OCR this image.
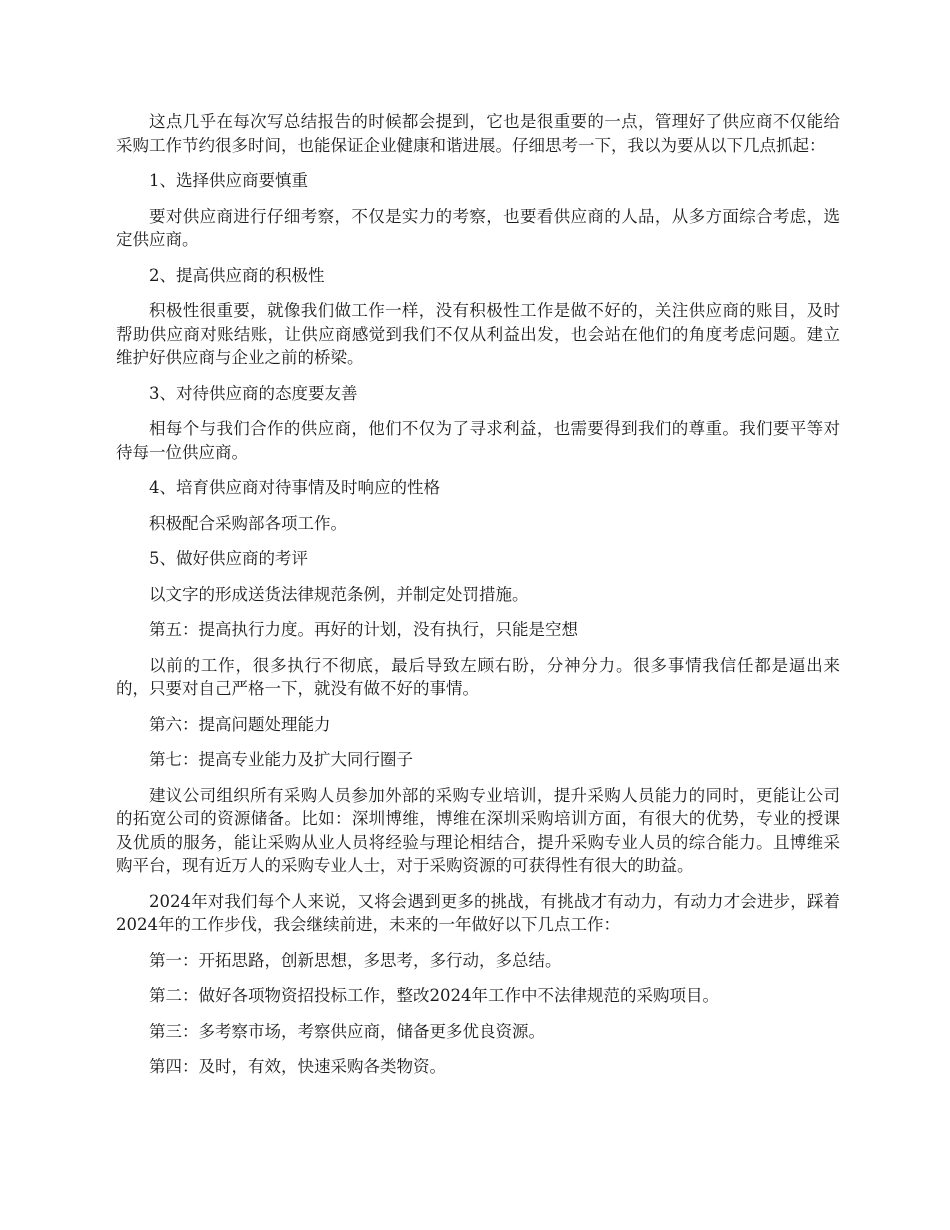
这点几乎在每次写总结报告的时候都会提到，它也是很重要的一点，管理好了供应商不仅能给采购工作节约很多时间，也能保证企业健康和谐进展。仔细思考一下，我以为要从以下几点抓起：

1、选择供应商要慎重

要对供应商进行仔细考察，不仅是实力的考察，也要看供应商的人品，从多方面综合考虑，选定供应商。

2、提高供应商的积极性

积极性很重要，就像我们做工作一样，没有积极性工作是做不好的，关注供应商的账目，及时帮助供应商对账结账，让供应商感觉到我们不仅从利益出发，也会站在他们的角度考虑问题。建立维护好供应商与企业之前的桥梁。

3、对待供应商的态度要友善

相每个与我们合作的供应商，他们不仅为了寻求利益，也需要得到我们的尊重。我们要平等对待每一位供应商。

4、培育供应商对待事情及时响应的性格

积极配合采购部各项工作。

5、做好供应商的考评

以文字的形成送货法律规范条例，并制定处罚措施。

第五：提高执行力度。再好的计划，没有执行，只能是空想

以前的工作，很多执行不彻底，最后导致左顾右盼，分神分力。很多事情我信任都是逼出来的，只要对自己严格一下，就没有做不好的事情。

第六：提高问题处理能力

第七：提高专业能力及扩大同行圈子

建议公司组织所有采购人员参加外部的采购专业培训，提升采购人员能力的同时，更能让公司的拓宽公司的资源储备。比如：深圳博维，博维在深圳采购培训方面，有很大的优势，专业的授课及优质的服务，能让采购从业人员将经验与理论相结合，提升采购专业人员的综合能力。且博维采购平台，现有近万人的采购专业人士，对于采购资源的可获得性有很大的助益。

2024年对我们每个人来说，又将会遇到更多的挑战，有挑战才有动力，有动力才会进步，踩着2024年的工作步伐，我会继续前进，未来的一年做好以下几点工作：

第一：开拓思路，创新思想，多思考，多行动，多总结。

第二：做好各项物资招投标工作，整改2024年工作中不法律规范的采购项目。

第三：多考察市场，考察供应商，储备更多优良资源。

第四：及时，有效，快速采购各类物资。
